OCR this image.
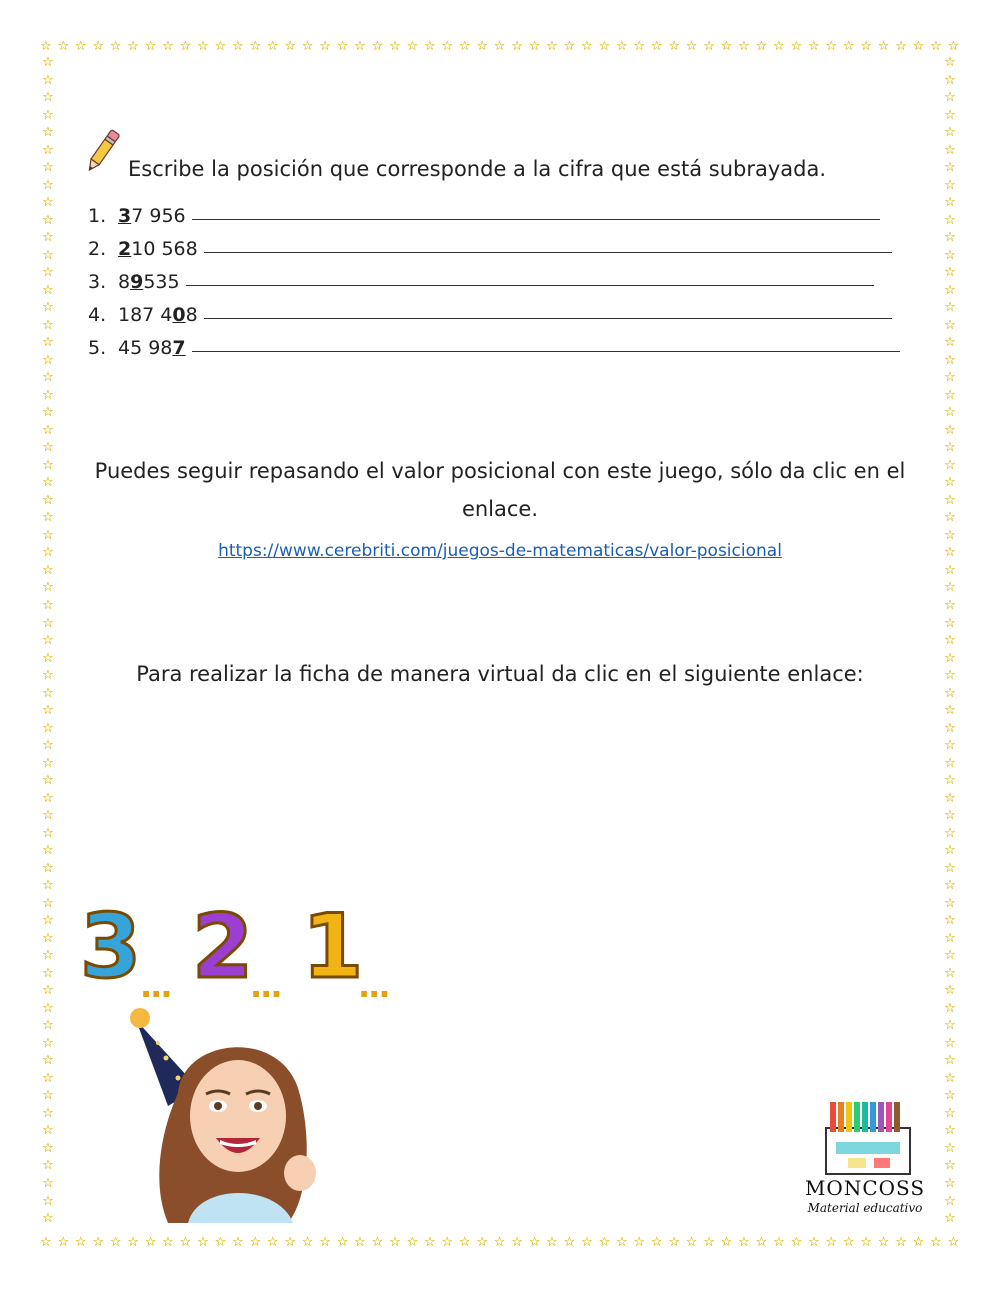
☆ ☆ ☆ ☆ ☆ ☆ ☆ ☆ ☆ ☆ ☆ ☆ ☆ ☆ ☆ ☆ ☆ ☆ ☆ ☆ ☆ ☆ ☆ ☆ ☆ ☆ ☆ ☆ ☆ ☆ ☆ ☆ ☆ ☆ ☆ ☆ ☆ ☆ ☆ ☆ ☆ ☆ ☆ ☆ ☆ ☆ ☆ ☆ ☆ ☆ ☆ ☆ ☆
☆ ☆ ☆ ☆ ☆ ☆ ☆ ☆ ☆ ☆ ☆ ☆ ☆ ☆ ☆ ☆ ☆ ☆ ☆ ☆ ☆ ☆ ☆ ☆ ☆ ☆ ☆ ☆ ☆ ☆ ☆ ☆ ☆ ☆ ☆ ☆ ☆ ☆ ☆ ☆ ☆ ☆ ☆ ☆ ☆ ☆ ☆ ☆ ☆ ☆ ☆ ☆ ☆
☆
☆
☆
☆
☆
☆
☆
☆
☆
☆
☆
☆
☆
☆
☆
☆
☆
☆
☆
☆
☆
☆
☆
☆
☆
☆
☆
☆
☆
☆
☆
☆
☆
☆
☆
☆
☆
☆
☆
☆
☆
☆
☆
☆
☆
☆
☆
☆
☆
☆
☆
☆
☆
☆
☆
☆
☆
☆
☆
☆
☆
☆
☆
☆
☆
☆
☆
☆
☆
☆
☆
☆
☆
☆
☆
☆
☆
☆
☆
☆
☆
☆
☆
☆
☆
☆
☆
☆
☆
☆
☆
☆
☆
☆
☆
☆
☆
☆
☆
☆
☆
☆
☆
☆
☆
☆
☆
☆
☆
☆
☆
☆
☆
☆
☆
☆
☆
☆
☆
☆
☆
☆
☆
☆
☆
☆
☆
☆
☆
☆
☆
☆
☆
☆
Escribe la posición que corresponde a la cifra que está subrayada.
1. 3 7 956
2. 2 10 568
3. 8 9 535
4. 187 4 0 8
5. 45 98 7
Puedes seguir repasando el valor posicional con este juego, sólo da clic en el enlace.
https://www.cerebriti.com/juegos-de-matematicas/valor-posicional
Para realizar la ficha de manera virtual da clic en el siguiente enlace:
3
... 2
... 1
...
MONCOSS
Material educativo
